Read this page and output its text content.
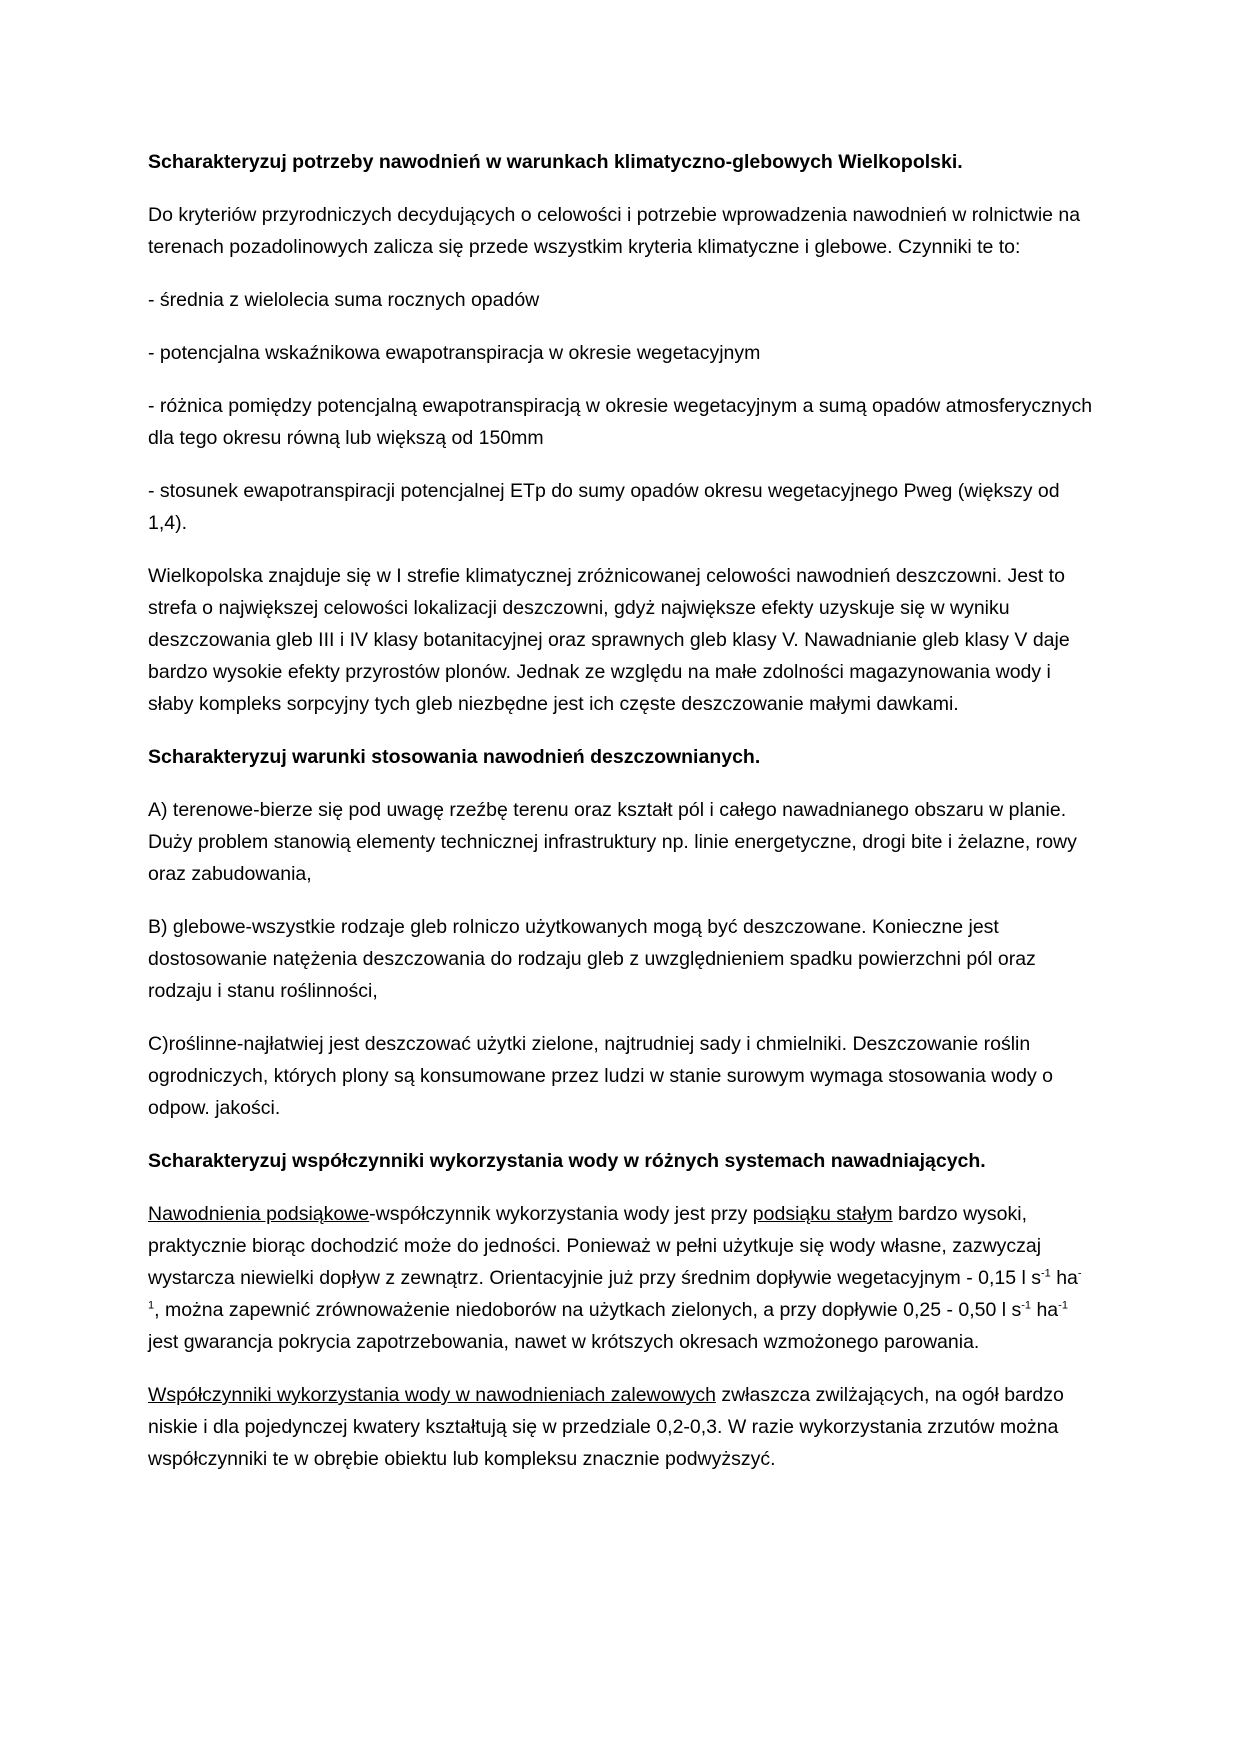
Scharakteryzuj potrzeby nawodnień w warunkach klimatyczno-glebowych Wielkopolski.

Do kryteriów przyrodniczych decydujących o celowości i potrzebie wprowadzenia nawodnień w rolnictwie na terenach pozadolinowych zalicza się przede wszystkim kryteria klimatyczne i glebowe. Czynniki te to:

- średnia z wielolecia suma rocznych opadów

- potencjalna wskaźnikowa ewapotranspiracja w okresie wegetacyjnym

- różnica pomiędzy potencjalną ewapotranspiracją w okresie wegetacyjnym a sumą opadów atmosferycznych dla tego okresu równą lub większą od 150mm

- stosunek ewapotranspiracji potencjalnej ETp do sumy opadów okresu wegetacyjnego Pweg (większy od 1,4).

Wielkopolska znajduje się w I strefie klimatycznej zróżnicowanej celowości nawodnień deszczowni. Jest to strefa o największej celowości lokalizacji deszczowni, gdyż największe efekty uzyskuje się w wyniku deszczowania gleb III i IV klasy botanitacyjnej oraz sprawnych gleb klasy V. Nawadnianie gleb klasy V daje bardzo wysokie efekty przyrostów plonów. Jednak ze względu na małe zdolności magazynowania wody i słaby kompleks sorpcyjny tych gleb niezbędne jest ich częste deszczowanie małymi dawkami.

Scharakteryzuj warunki stosowania nawodnień deszczownianych.

A) terenowe-bierze się pod uwagę rzeźbę terenu oraz kształt pól i całego nawadnianego obszaru w planie. Duży problem stanowią elementy technicznej infrastruktury np. linie energetyczne, drogi bite i żelazne, rowy oraz zabudowania,

B) glebowe-wszystkie rodzaje gleb rolniczo użytkowanych mogą być deszczowane. Konieczne jest dostosowanie natężenia deszczowania do rodzaju gleb z uwzględnieniem spadku powierzchni pól oraz rodzaju i stanu roślinności,

C)roślinne-najłatwiej jest deszczować użytki zielone, najtrudniej sady i chmielniki. Deszczowanie roślin ogrodniczych, których plony są konsumowane przez ludzi w stanie surowym wymaga stosowania wody o odpow. jakości.

Scharakteryzuj współczynniki wykorzystania wody w różnych systemach nawadniających.

Nawodnienia podsiąkowe-współczynnik wykorzystania wody jest przy podsiąku stałym bardzo wysoki, praktycznie biorąc dochodzić może do jedności. Ponieważ w pełni użytkuje się wody własne, zazwyczaj wystarcza niewielki dopływ z zewnątrz. Orientacyjnie już przy średnim dopływie wegetacyjnym - 0,15 l $s^{-1}$ $ha^{-1}$, można zapewnić zrównoważenie niedoborów na użytkach zielonych, a przy dopływie 0,25 - 0,50 l $s^{-1}$ $ha^{-1}$ jest gwarancja pokrycia zapotrzebowania, nawet w krótszych okresach wzmożonego parowania.

Współczynniki wykorzystania wody w nawodnieniach zalewowych zwłaszcza zwilżających, na ogół bardzo niskie i dla pojedynczej kwatery kształtują się w przedziale 0,2-0,3. W razie wykorzystania zrzutów można współczynniki te w obrębie obiektu lub kompleksu znacznie podwyższyć.
